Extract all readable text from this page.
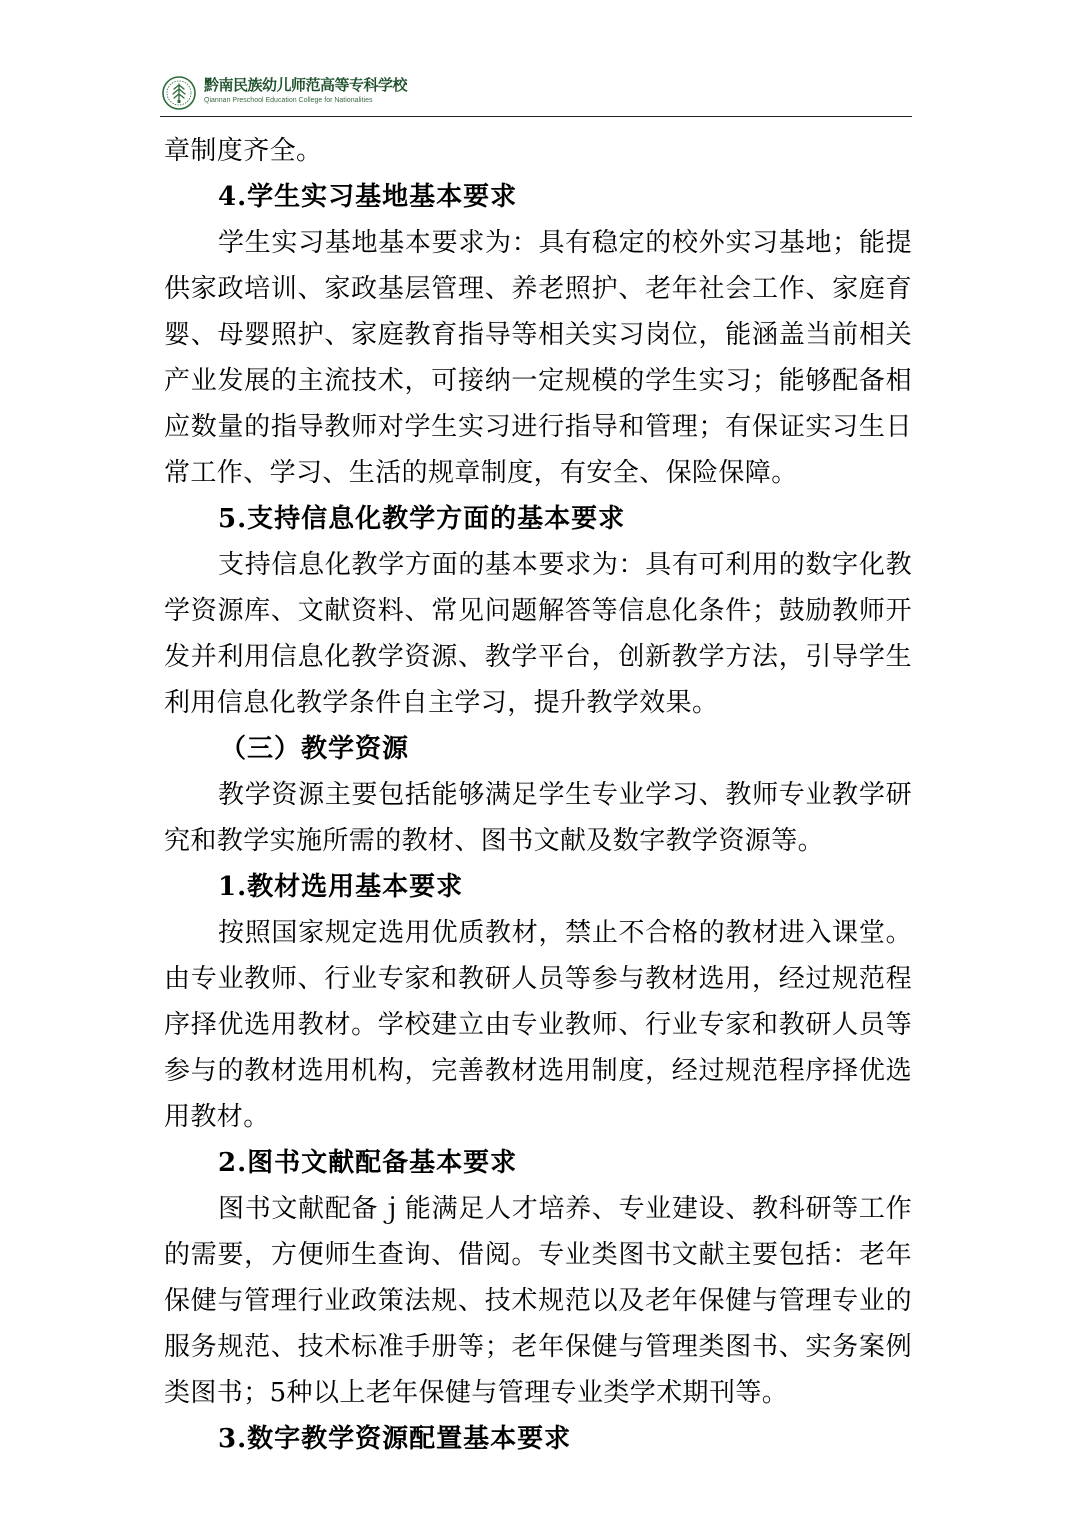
黔南民族幼儿师范高等专科学校
Qiannan Preschool Education College for Nationalities
章制度齐全。
4.学生实习基地基本要求
学生实习基地基本要求为：具有稳定的校外实习基地；能提
供家政培训、家政基层管理、养老照护、老年社会工作、家庭育
婴、母婴照护、家庭教育指导等相关实习岗位，能涵盖当前相关
产业发展的主流技术，可接纳一定规模的学生实习；能够配备相
应数量的指导教师对学生实习进行指导和管理；有保证实习生日
常工作、学习、生活的规章制度，有安全、保险保障。
5.支持信息化教学方面的基本要求
支持信息化教学方面的基本要求为：具有可利用的数字化教
学资源库、文献资料、常见问题解答等信息化条件；鼓励教师开
发并利用信息化教学资源、教学平台，创新教学方法，引导学生
利用信息化教学条件自主学习，提升教学效果。
（三）教学资源
教学资源主要包括能够满足学生专业学习、教师专业教学研
究和教学实施所需的教材、图书文献及数字教学资源等。
1.教材选用基本要求
按照国家规定选用优质教材，禁止不合格的教材进入课堂。
由专业教师、行业专家和教研人员等参与教材选用，经过规范程
序择优选用教材。学校建立由专业教师、行业专家和教研人员等
参与的教材选用机构，完善教材选用制度，经过规范程序择优选
用教材。
2.图书文献配备基本要求
图书文献配备ｊ能满足人才培养、专业建设、教科研等工作
的需要，方便师生查询、借阅。专业类图书文献主要包括：老年
保健与管理行业政策法规、技术规范以及老年保健与管理专业的
服务规范、技术标准手册等；老年保健与管理类图书、实务案例
类图书；5种以上老年保健与管理专业类学术期刊等。
3.数字教学资源配置基本要求
